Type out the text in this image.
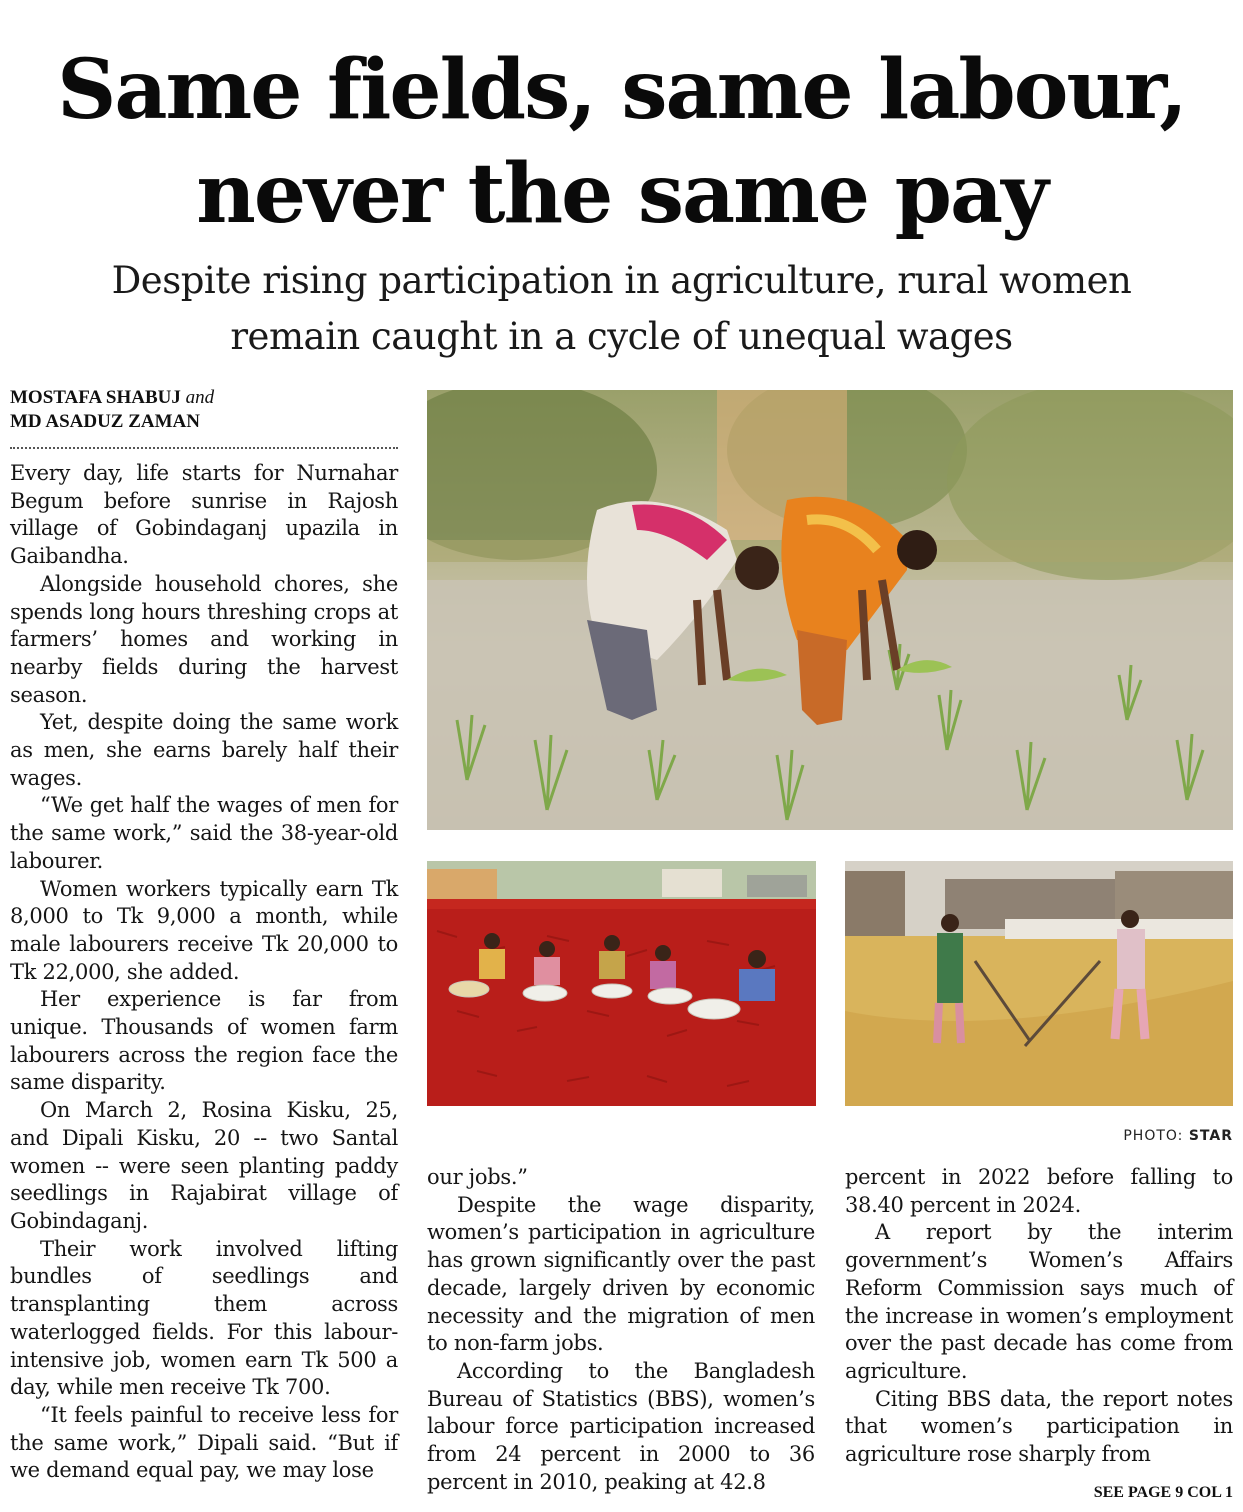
Same fields, same labour,
never the same pay
Despite rising participation in agriculture, rural women
remain caught in a cycle of unequal wages
MOSTAFA SHABUJ and
MD ASADUZ ZAMAN

Every day, life starts for Nurnahar Begum before sunrise in Rajosh village of Gobindaganj upazila in Gaibandha.

Alongside household chores, she spends long hours threshing crops at farmers’ homes and working in nearby fields during the harvest season.

Yet, despite doing the same work as men, she earns barely half their wages.

“We get half the wages of men for the same work,” said the 38-year-old labourer.

Women workers typically earn Tk 8,000 to Tk 9,000 a month, while male labourers receive Tk 20,000 to Tk 22,000, she added.

Her experience is far from unique. Thousands of women farm labourers across the region face the same disparity.

On March 2, Rosina Kisku, 25, and Dipali Kisku, 20 -- two Santal women -- were seen planting paddy seedlings in Rajabirat village of Gobindaganj.

Their work involved lifting bundles of seedlings and transplanting them across waterlogged fields. For this labour-intensive job, women earn Tk 500 a day, while men receive Tk 700.

“It feels painful to receive less for the same work,” Dipali said. “But if we demand equal pay, we may lose

PHOTO: STAR

our jobs.”

Despite the wage disparity, women’s participation in agriculture has grown significantly over the past decade, largely driven by economic necessity and the migration of men to non-farm jobs.

According to the Bangladesh Bureau of Statistics (BBS), women’s labour force participation increased from 24 percent in 2000 to 36 percent in 2010, peaking at 42.8

percent in 2022 before falling to 38.40 percent in 2024.

A report by the interim government’s Women’s Affairs Reform Commission says much of the increase in women’s employment over the past decade has come from agriculture.

Citing BBS data, the report notes that women’s participation in agriculture rose sharply from

SEE PAGE 9 COL 1
